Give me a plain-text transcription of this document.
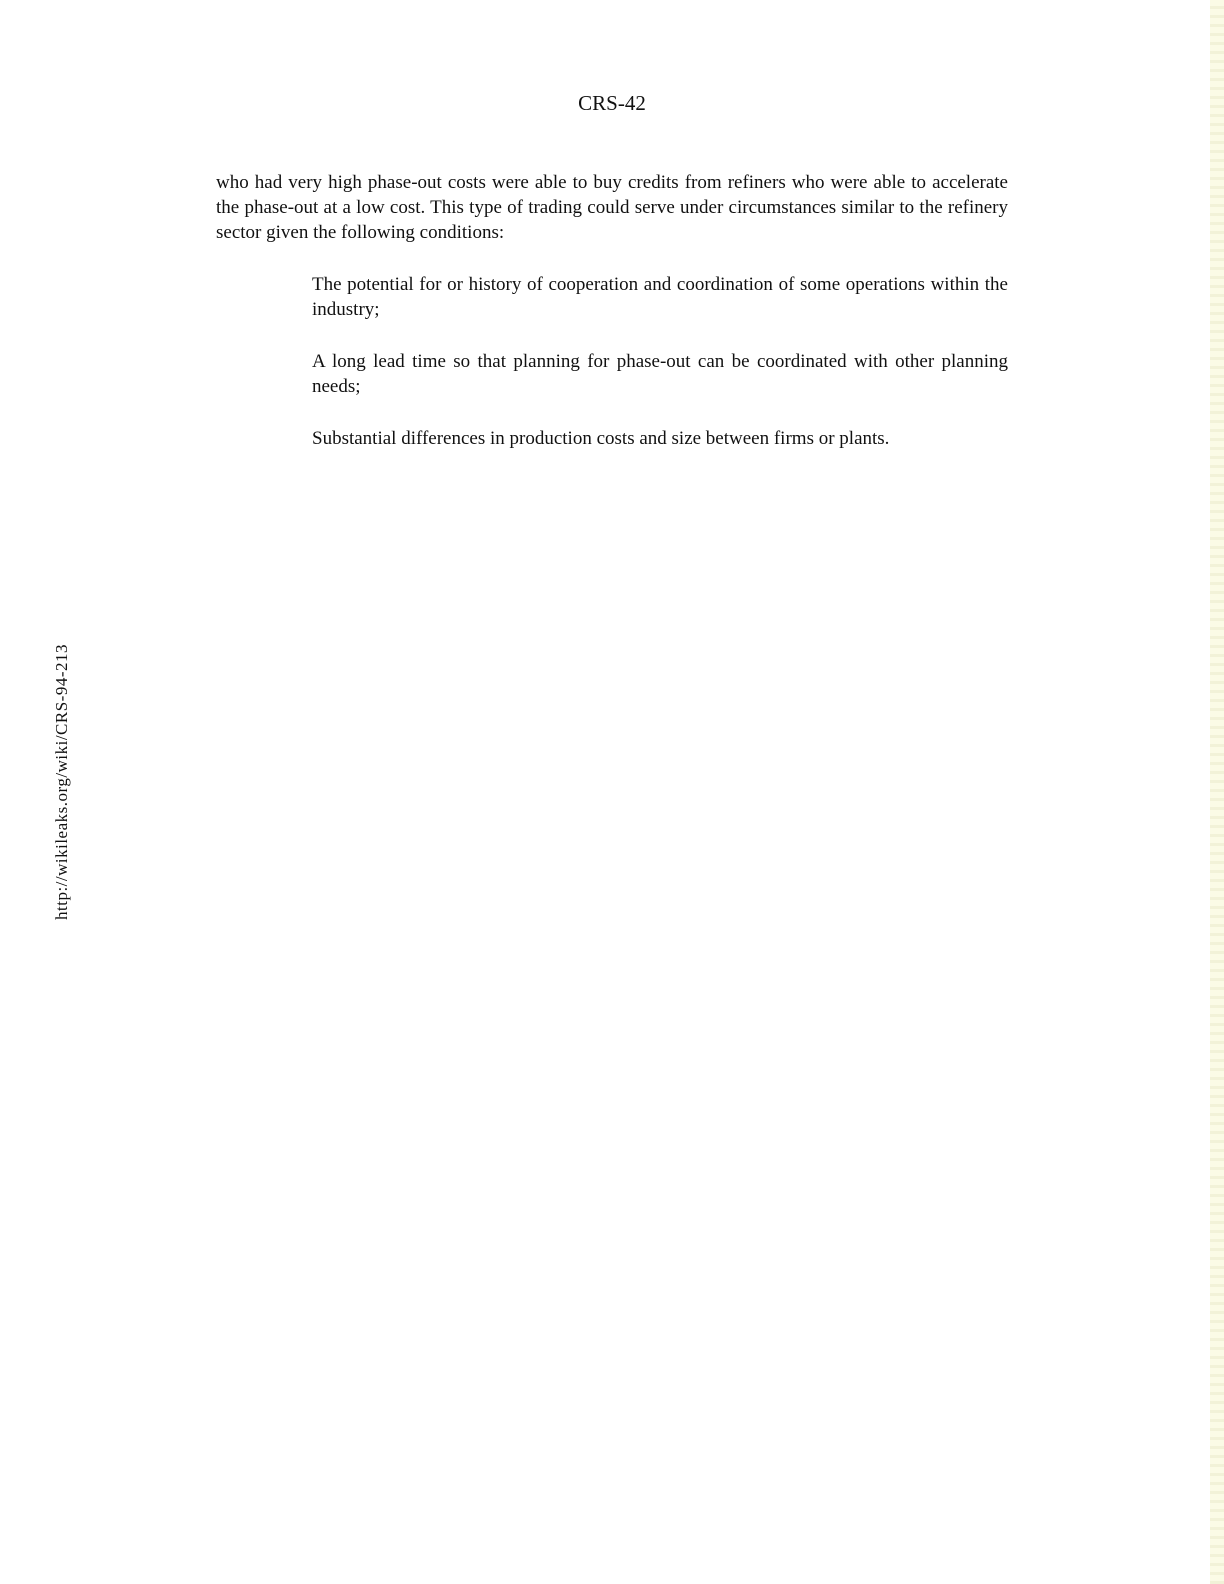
CRS-42

who had very high phase-out costs were able to buy credits from refiners who were able to accelerate the phase-out at a low cost. This type of trading could serve under circumstances similar to the refinery sector given the following conditions:

The potential for or history of cooperation and coordination of some operations within the industry;
A long lead time so that planning for phase-out can be coordinated with other planning needs;
Substantial differences in production costs and size between firms or plants.
http://wikileaks.org/wiki/CRS-94-213
